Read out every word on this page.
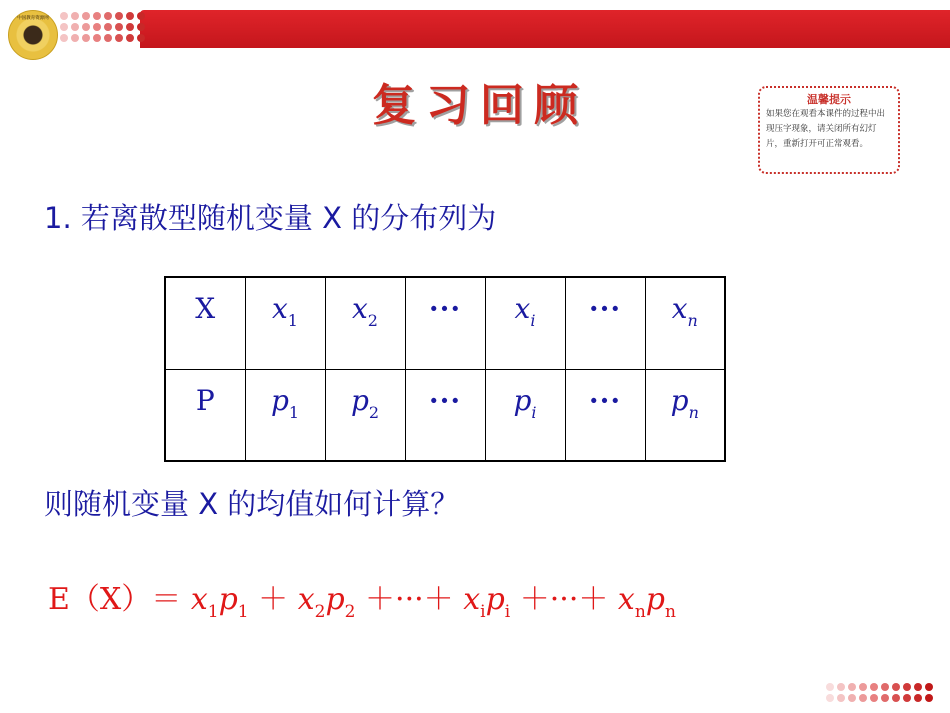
中国教育资源网
复习回顾	温馨提示
如果您在观看本课件的过程中出现压字现象，请关闭所有幻灯片，重新打开可正常观看。
1. 若离散型随机变量 X 的分布列为
X	$x_1$	$x_2$	···	$x_i$	···	$x_n$
P	$p_1$	$p_2$	···	$p_i$	···	$p_n$
则随机变量 X 的均值如何计算？
$E(X)= x_1p_1 + x_2p_2$ ＋···＋ $x_ip_i$ ＋···＋ $x_np_n$
